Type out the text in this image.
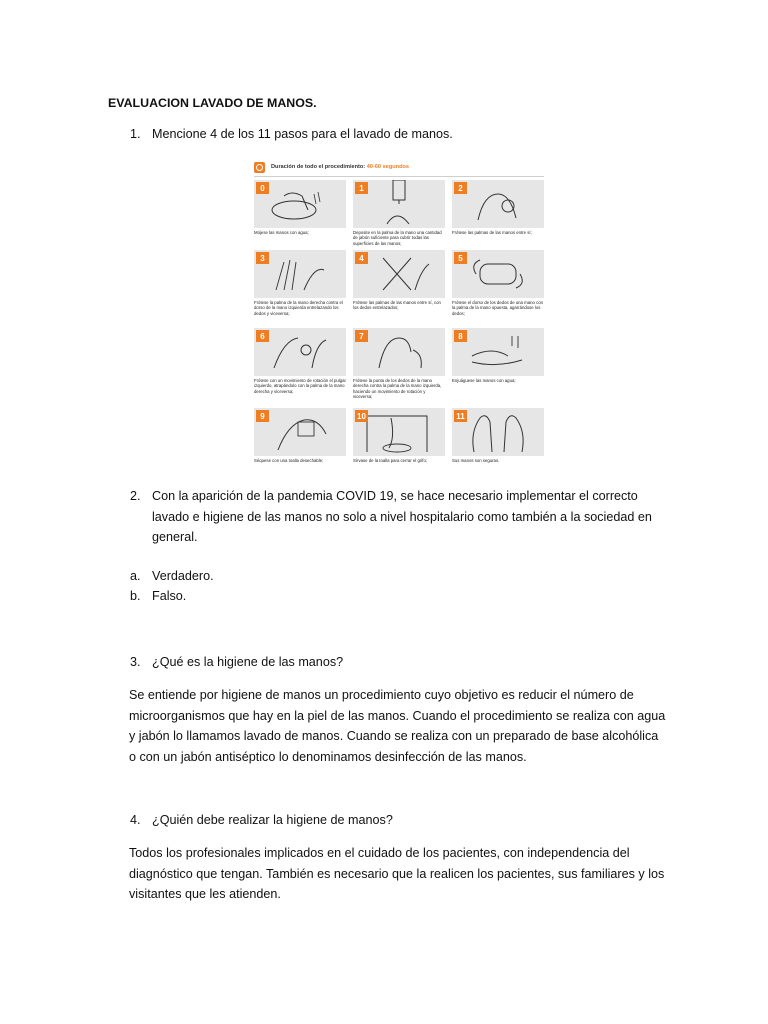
EVALUACION LAVADO DE MANOS.
1. Mencione 4 de los 11 pasos para el lavado de manos.
Duración de todo el procedimiento: 40-60 segundos
0
Mójese las manos con agua;
1
Deposite en la palma de la mano una cantidad de jabón suficiente para cubrir todas las superficies de las manos;
2
Frótese las palmas de las manos entre sí;
3
Frótese la palma de la mano derecha contra el dorso de la mano izquierda entrelazando los dedos y viceversa;
4
Frótese las palmas de las manos entre sí, con los dedos entrelazados;
5
Frótese el dorso de los dedos de una mano con la palma de la mano opuesta, agarrándose los dedos;
6
Frótese con un movimiento de rotación el pulgar izquierdo, atrapándolo con la palma de la mano derecha y viceversa;
7
Frótese la punta de los dedos de la mano derecha contra la palma de la mano izquierda, haciendo un movimiento de rotación y viceversa;
8
Enjuáguese las manos con agua;
9
Séquese con una toalla desechable;
10
Sírvase de la toalla para cerrar el grifo;
11
Sus manos son seguras.
2. Con la aparición de la pandemia COVID 19, se hace necesario implementar el correcto
lavado e higiene de las manos no solo a nivel hospitalario como también a la sociedad en
general.
a. Verdadero.
b. Falso.
3. ¿Qué es la higiene de las manos?
Se entiende por higiene de manos un procedimiento cuyo objetivo es reducir el número de
microorganismos que hay en la piel de las manos. Cuando el procedimiento se realiza con agua
y jabón lo llamamos lavado de manos. Cuando se realiza con un preparado de base alcohólica
o con un jabón antiséptico lo denominamos desinfección de las manos.
4. ¿Quién debe realizar la higiene de manos?
Todos los profesionales implicados en el cuidado de los pacientes, con independencia del
diagnóstico que tengan. También es necesario que la realicen los pacientes, sus familiares y los
visitantes que les atienden.
